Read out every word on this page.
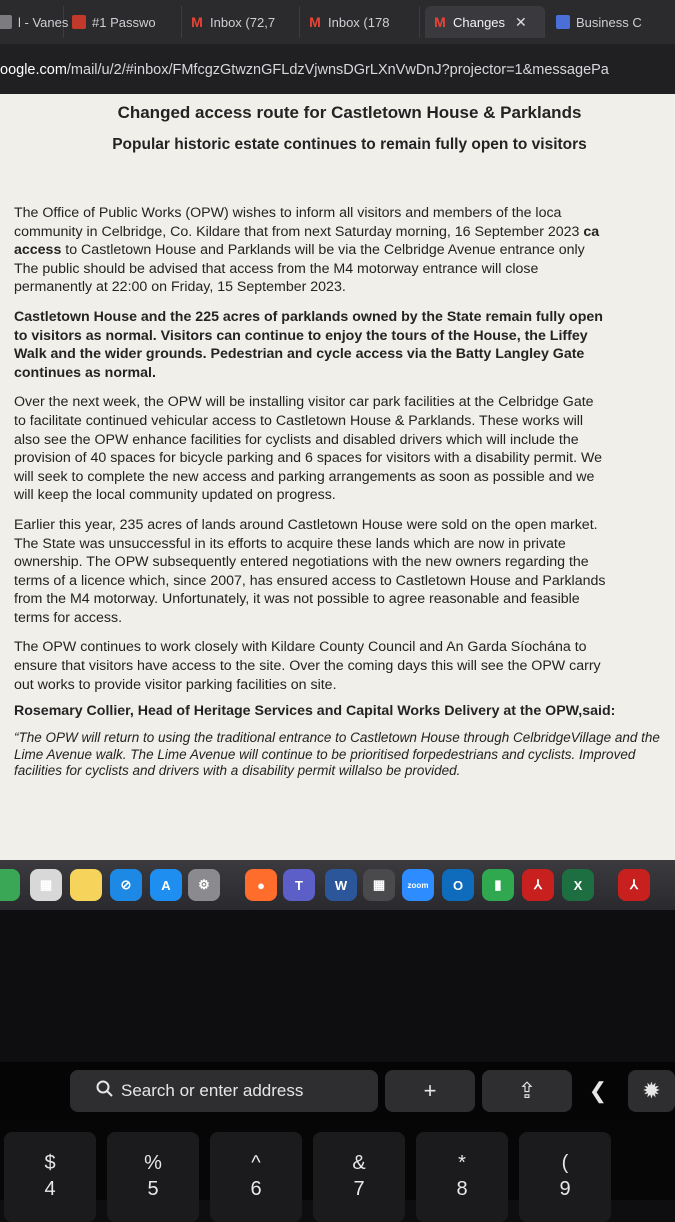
l - Vanes #1 Passwo	M Inbox (72,7 M Inbox (178	M Changes ✕	Business C
oogle.com/mail/u/2/#inbox/FMfcgzGtwznGFLdzVjwnsDGrLXnVwDnJ?projector=1&messagePa
Changed access route for Castletown House & Parklands
Popular historic estate continues to remain fully open to visitors
The Office of Public Works (OPW) wishes to inform all visitors and members of the loca
community in Celbridge, Co. Kildare that from next Saturday morning, 16 September 2023 ca
access to Castletown House and Parklands will be via the Celbridge Avenue entrance only
The public should be advised that access from the M4 motorway entrance will close
permanently at 22:00 on Friday, 15 September 2023.
Castletown House and the 225 acres of parklands owned by the State remain fully open
to visitors as normal. Visitors can continue to enjoy the tours of the House, the Liffey
Walk and the wider grounds. Pedestrian and cycle access via the Batty Langley Gate
continues as normal.
Over the next week, the OPW will be installing visitor car park facilities at the Celbridge Gate
to facilitate continued vehicular access to Castletown House & Parklands. These works will
also see the OPW enhance facilities for cyclists and disabled drivers which will include the
provision of 40 spaces for bicycle parking and 6 spaces for visitors with a disability permit. We
will seek to complete the new access and parking arrangements as soon as possible and we
will keep the local community updated on progress.
Earlier this year, 235 acres of lands around Castletown House were sold on the open market.
The State was unsuccessful in its efforts to acquire these lands which are now in private
ownership. The OPW subsequently entered negotiations with the new owners regarding the
terms of a licence which, since 2007, has ensured access to Castletown House and Parklands
from the M4 motorway. Unfortunately, it was not possible to agree reasonable and feasible
terms for access.
The OPW continues to work closely with Kildare County Council and An Garda Síochána to
ensure that visitors have access to the site. Over the coming days this will see the OPW carry
out works to provide visitor parking facilities on site.
Rosemary Collier, Head of Heritage Services and Capital Works Delivery at the OPW,said:
“The OPW will return to using the traditional entrance to Castletown House through CelbridgeVillage and the Lime Avenue walk. The Lime Avenue will continue to be prioritised forpedestrians and cyclists. Improved facilities for cyclists and drivers with a disability permit willalso be provided.
▦	⊘	A	⚙	●	T	W	▦	zoom	O	▮	⅄	X	⅄
Search or enter address	+	⇪ ❮ ✹
$
4
%
5
^
6
&
7
*
8
(
9
